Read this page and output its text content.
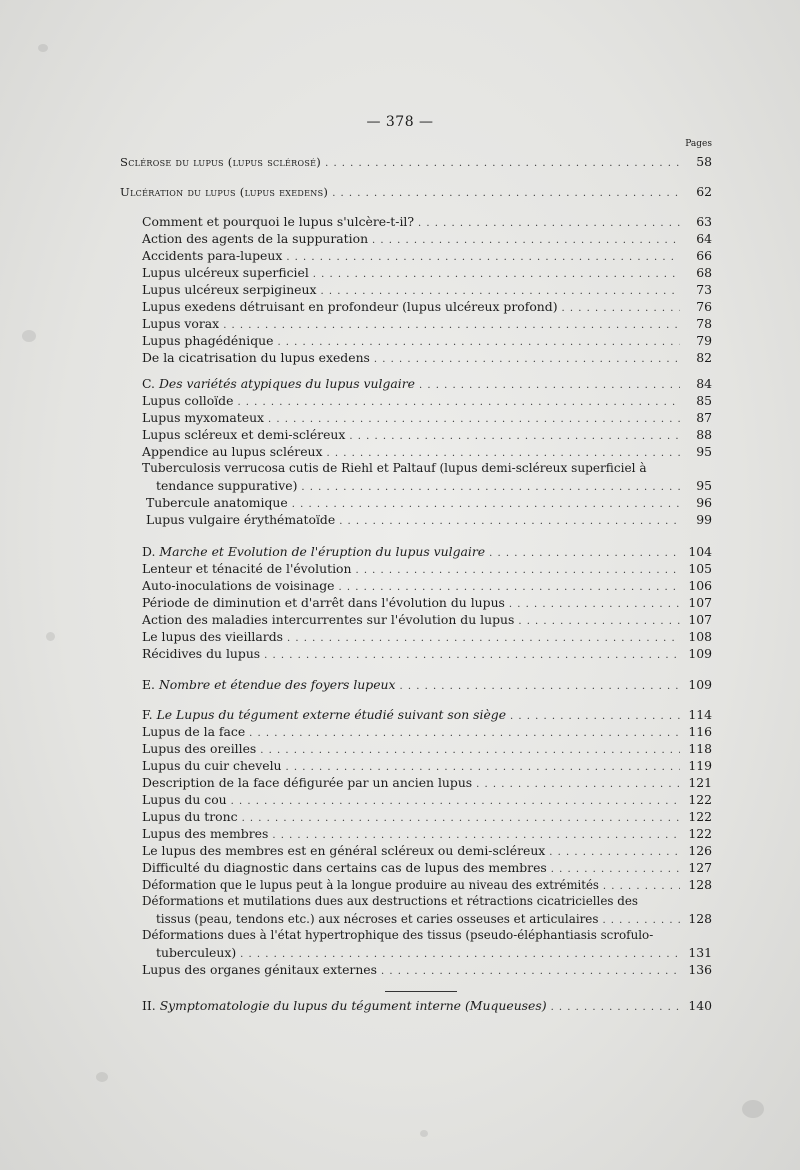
— 378 —
Pages
Sclérose du lupus (lupus sclérosé) . . .	58
Ulcération du lupus (lupus exedens) . . .	62
Comment et pourquoi le lupus s'ulcère-t-il? . . .	63
Action des agents de la suppuration . . .	64
Accidents para-lupeux . . .	66
Lupus ulcéreux superficiel . . .	68
Lupus ulcéreux serpigineux . . .	73
Lupus exedens détruisant en profondeur (lupus ulcéreux profond) . . .	76
Lupus vorax . . .	78
Lupus phagédénique . . .	79
De la cicatrisation du lupus exedens . . .	82
C. Des variétés atypiques du lupus vulgaire . . .	84
Lupus colloïde . . .	85
Lupus myxomateux . . .	87
Lupus scléreux et demi-scléreux . . .	88
Appendice au lupus scléreux . . .	95
Tuberculosis verrucosa cutis de Riehl et Paltauf (lupus demi-scléreux superficiel à
tendance suppurative) . . .	95
Tubercule anatomique . . .	96
Lupus vulgaire érythématoïde . . .	99
D. Marche et Evolution de l'éruption du lupus vulgaire . . .	104
Lenteur et ténacité de l'évolution . . .	105
Auto-inoculations de voisinage . . .	106
Période de diminution et d'arrêt dans l'évolution du lupus . . .	107
Action des maladies intercurrentes sur l'évolution du lupus . . .	107
Le lupus des vieillards . . .	108
Récidives du lupus . . .	109
E. Nombre et étendue des foyers lupeux . . .	109
F. Le Lupus du tégument externe étudié suivant son siège . . .	114
Lupus de la face . . .	116
Lupus des oreilles . . .	118
Lupus du cuir chevelu . . .	119
Description de la face défigurée par un ancien lupus . . .	121
Lupus du cou . . .	122
Lupus du tronc . . .	122
Lupus des membres . . .	122
Le lupus des membres est en général scléreux ou demi-scléreux . . .	126
Difficulté du diagnostic dans certains cas de lupus des membres . . .	127
Déformation que le lupus peut à la longue produire au niveau des extrémités . . .	128
Déformations et mutilations dues aux destructions et rétractions cicatricielles des
tissus (peau, tendons etc.) aux nécroses et caries osseuses et articulaires . . .	128
Déformations dues à l'état hypertrophique des tissus (pseudo-éléphantiasis scrofulo-
tuberculeux) . . .	131
Lupus des organes génitaux externes . . .	136
II. Symptomatologie du lupus du tégument interne (Muqueuses) . . .	140
